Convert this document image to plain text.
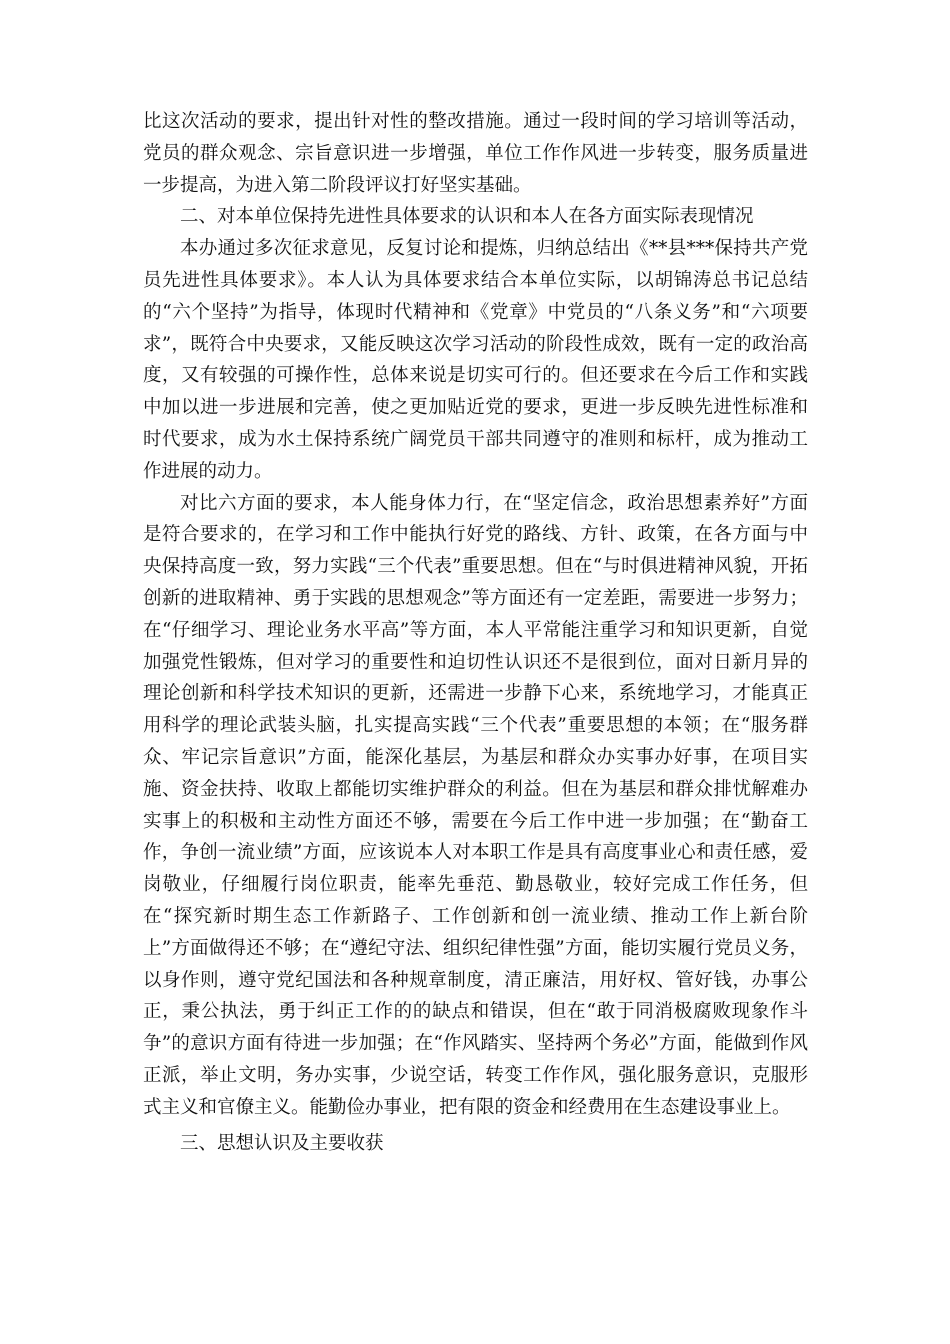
比这次活动的要求，提出针对性的整改措施。通过一段时间的学习培训等活动，党员的群众观念、宗旨意识进一步增强，单位工作作风进一步转变，服务质量进一步提高，为进入第二阶段评议打好坚实基础。

二、对本单位保持先进性具体要求的认识和本人在各方面实际表现情况

本办通过多次征求意见，反复讨论和提炼，归纳总结出《**县***保持共产党员先进性具体要求》。本人认为具体要求结合本单位实际，以胡锦涛总书记总结的“六个坚持”为指导，体现时代精神和《党章》中党员的“八条义务”和“六项要求”，既符合中央要求，又能反映这次学习活动的阶段性成效，既有一定的政治高度，又有较强的可操作性，总体来说是切实可行的。但还要求在今后工作和实践中加以进一步进展和完善，使之更加贴近党的要求，更进一步反映先进性标准和时代要求，成为水土保持系统广阔党员干部共同遵守的准则和标杆，成为推动工作进展的动力。

对比六方面的要求，本人能身体力行，在“坚定信念，政治思想素养好”方面是符合要求的，在学习和工作中能执行好党的路线、方针、政策，在各方面与中央保持高度一致，努力实践“三个代表”重要思想。但在“与时俱进精神风貌，开拓创新的进取精神、勇于实践的思想观念”等方面还有一定差距，需要进一步努力；在“仔细学习、理论业务水平高”等方面，本人平常能注重学习和知识更新，自觉加强党性锻炼，但对学习的重要性和迫切性认识还不是很到位，面对日新月异的理论创新和科学技术知识的更新，还需进一步静下心来，系统地学习，才能真正用科学的理论武装头脑，扎实提高实践“三个代表”重要思想的本领；在“服务群众、牢记宗旨意识”方面，能深化基层，为基层和群众办实事办好事，在项目实施、资金扶持、收取上都能切实维护群众的利益。但在为基层和群众排忧解难办实事上的积极和主动性方面还不够，需要在今后工作中进一步加强；在“勤奋工作，争创一流业绩”方面，应该说本人对本职工作是具有高度事业心和责任感，爱岗敬业，仔细履行岗位职责，能率先垂范、勤恳敬业，较好完成工作任务，但在“探究新时期生态工作新路子、工作创新和创一流业绩、推动工作上新台阶上”方面做得还不够；在“遵纪守法、组织纪律性强”方面，能切实履行党员义务，以身作则，遵守党纪国法和各种规章制度，清正廉洁，用好权、管好钱，办事公正，秉公执法，勇于纠正工作的的缺点和错误，但在“敢于同消极腐败现象作斗争”的意识方面有待进一步加强；在“作风踏实、坚持两个务必”方面，能做到作风正派，举止文明，务办实事，少说空话，转变工作作风，强化服务意识，克服形式主义和官僚主义。能勤俭办事业，把有限的资金和经费用在生态建设事业上。

三、思想认识及主要收获
